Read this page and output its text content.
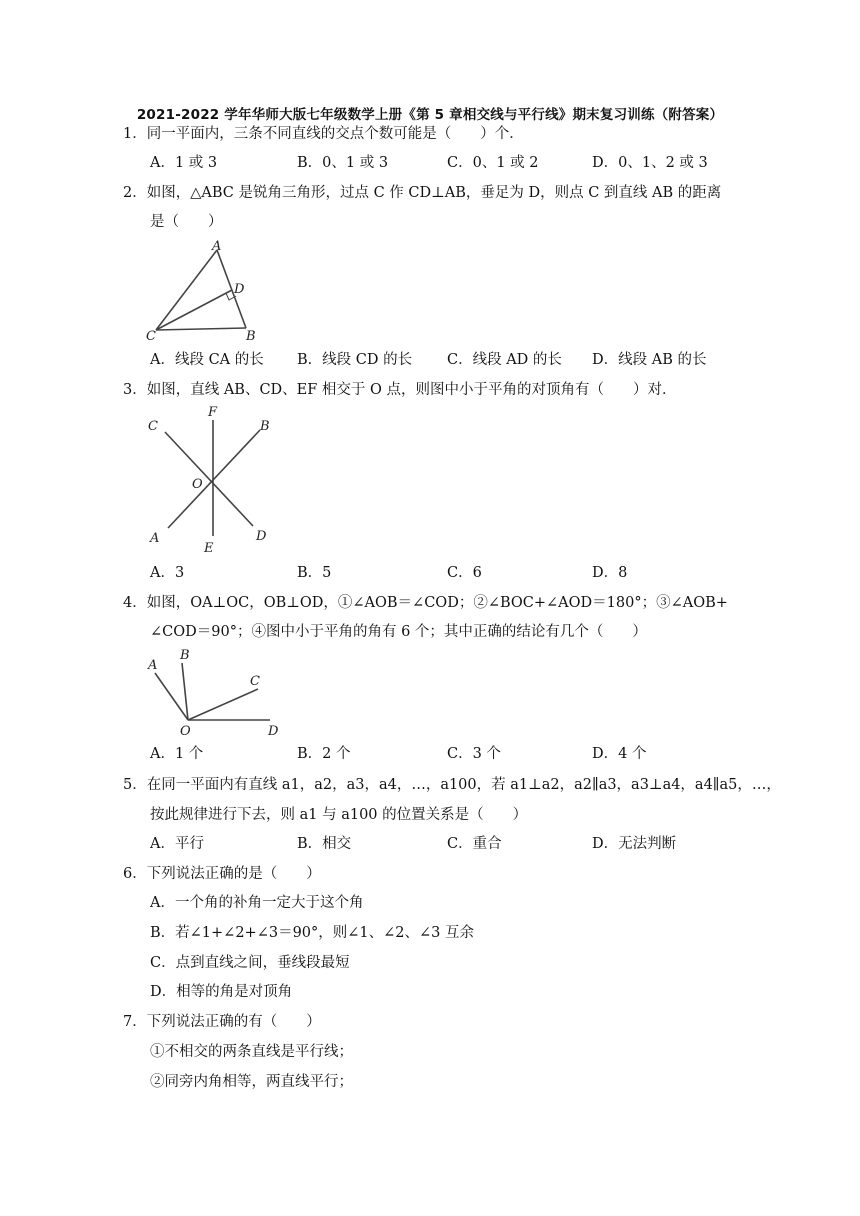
2021-2022 学年华师大版七年级数学上册《第 5 章相交线与平行线》期末复习训练（附答案）
1．同一平面内，三条不同直线的交点个数可能是（　　）个．
A．1 或 3	B．0、1 或 3	C．0、1 或 2	D．0、1、2 或 3
2．如图，△ABC 是锐角三角形，过点 C 作 CD⊥AB，垂足为 D，则点 C 到直线 AB 的距离
是（　　）
A
D
C	B
A．线段 CA 的长 B．线段 CD 的长 C．线段 AD 的长 D．线段 AB 的长
3．如图，直线 AB、CD、EF 相交于 O 点，则图中小于平角的对顶角有（　　）对．
C
F
B
O
A
E
D
A．3	B．5	C．6	D．8
4．如图，OA⊥OC，OB⊥OD，①∠AOB＝∠COD；②∠BOC+∠AOD＝180°；③∠AOB+
∠COD＝90°；④图中小于平角的角有 6 个；其中正确的结论有几个（　　）
A
B
C
O	D
A．1 个	B．2 个	C．3 个	D．4 个
5．在同一平面内有直线 a1，a2，a3，a4，…，a100，若 a1⊥a2，a2∥a3，a3⊥a4，a4∥a5，…，
按此规律进行下去，则 a1 与 a100 的位置关系是（　　）
A．平行	B．相交	C．重合	D．无法判断
6．下列说法正确的是（　　）
A．一个角的补角一定大于这个角
B．若∠1+∠2+∠3＝90°，则∠1、∠2、∠3 互余
C．点到直线之间，垂线段最短
D．相等的角是对顶角
7．下列说法正确的有（　　）
①不相交的两条直线是平行线；
②同旁内角相等，两直线平行；
